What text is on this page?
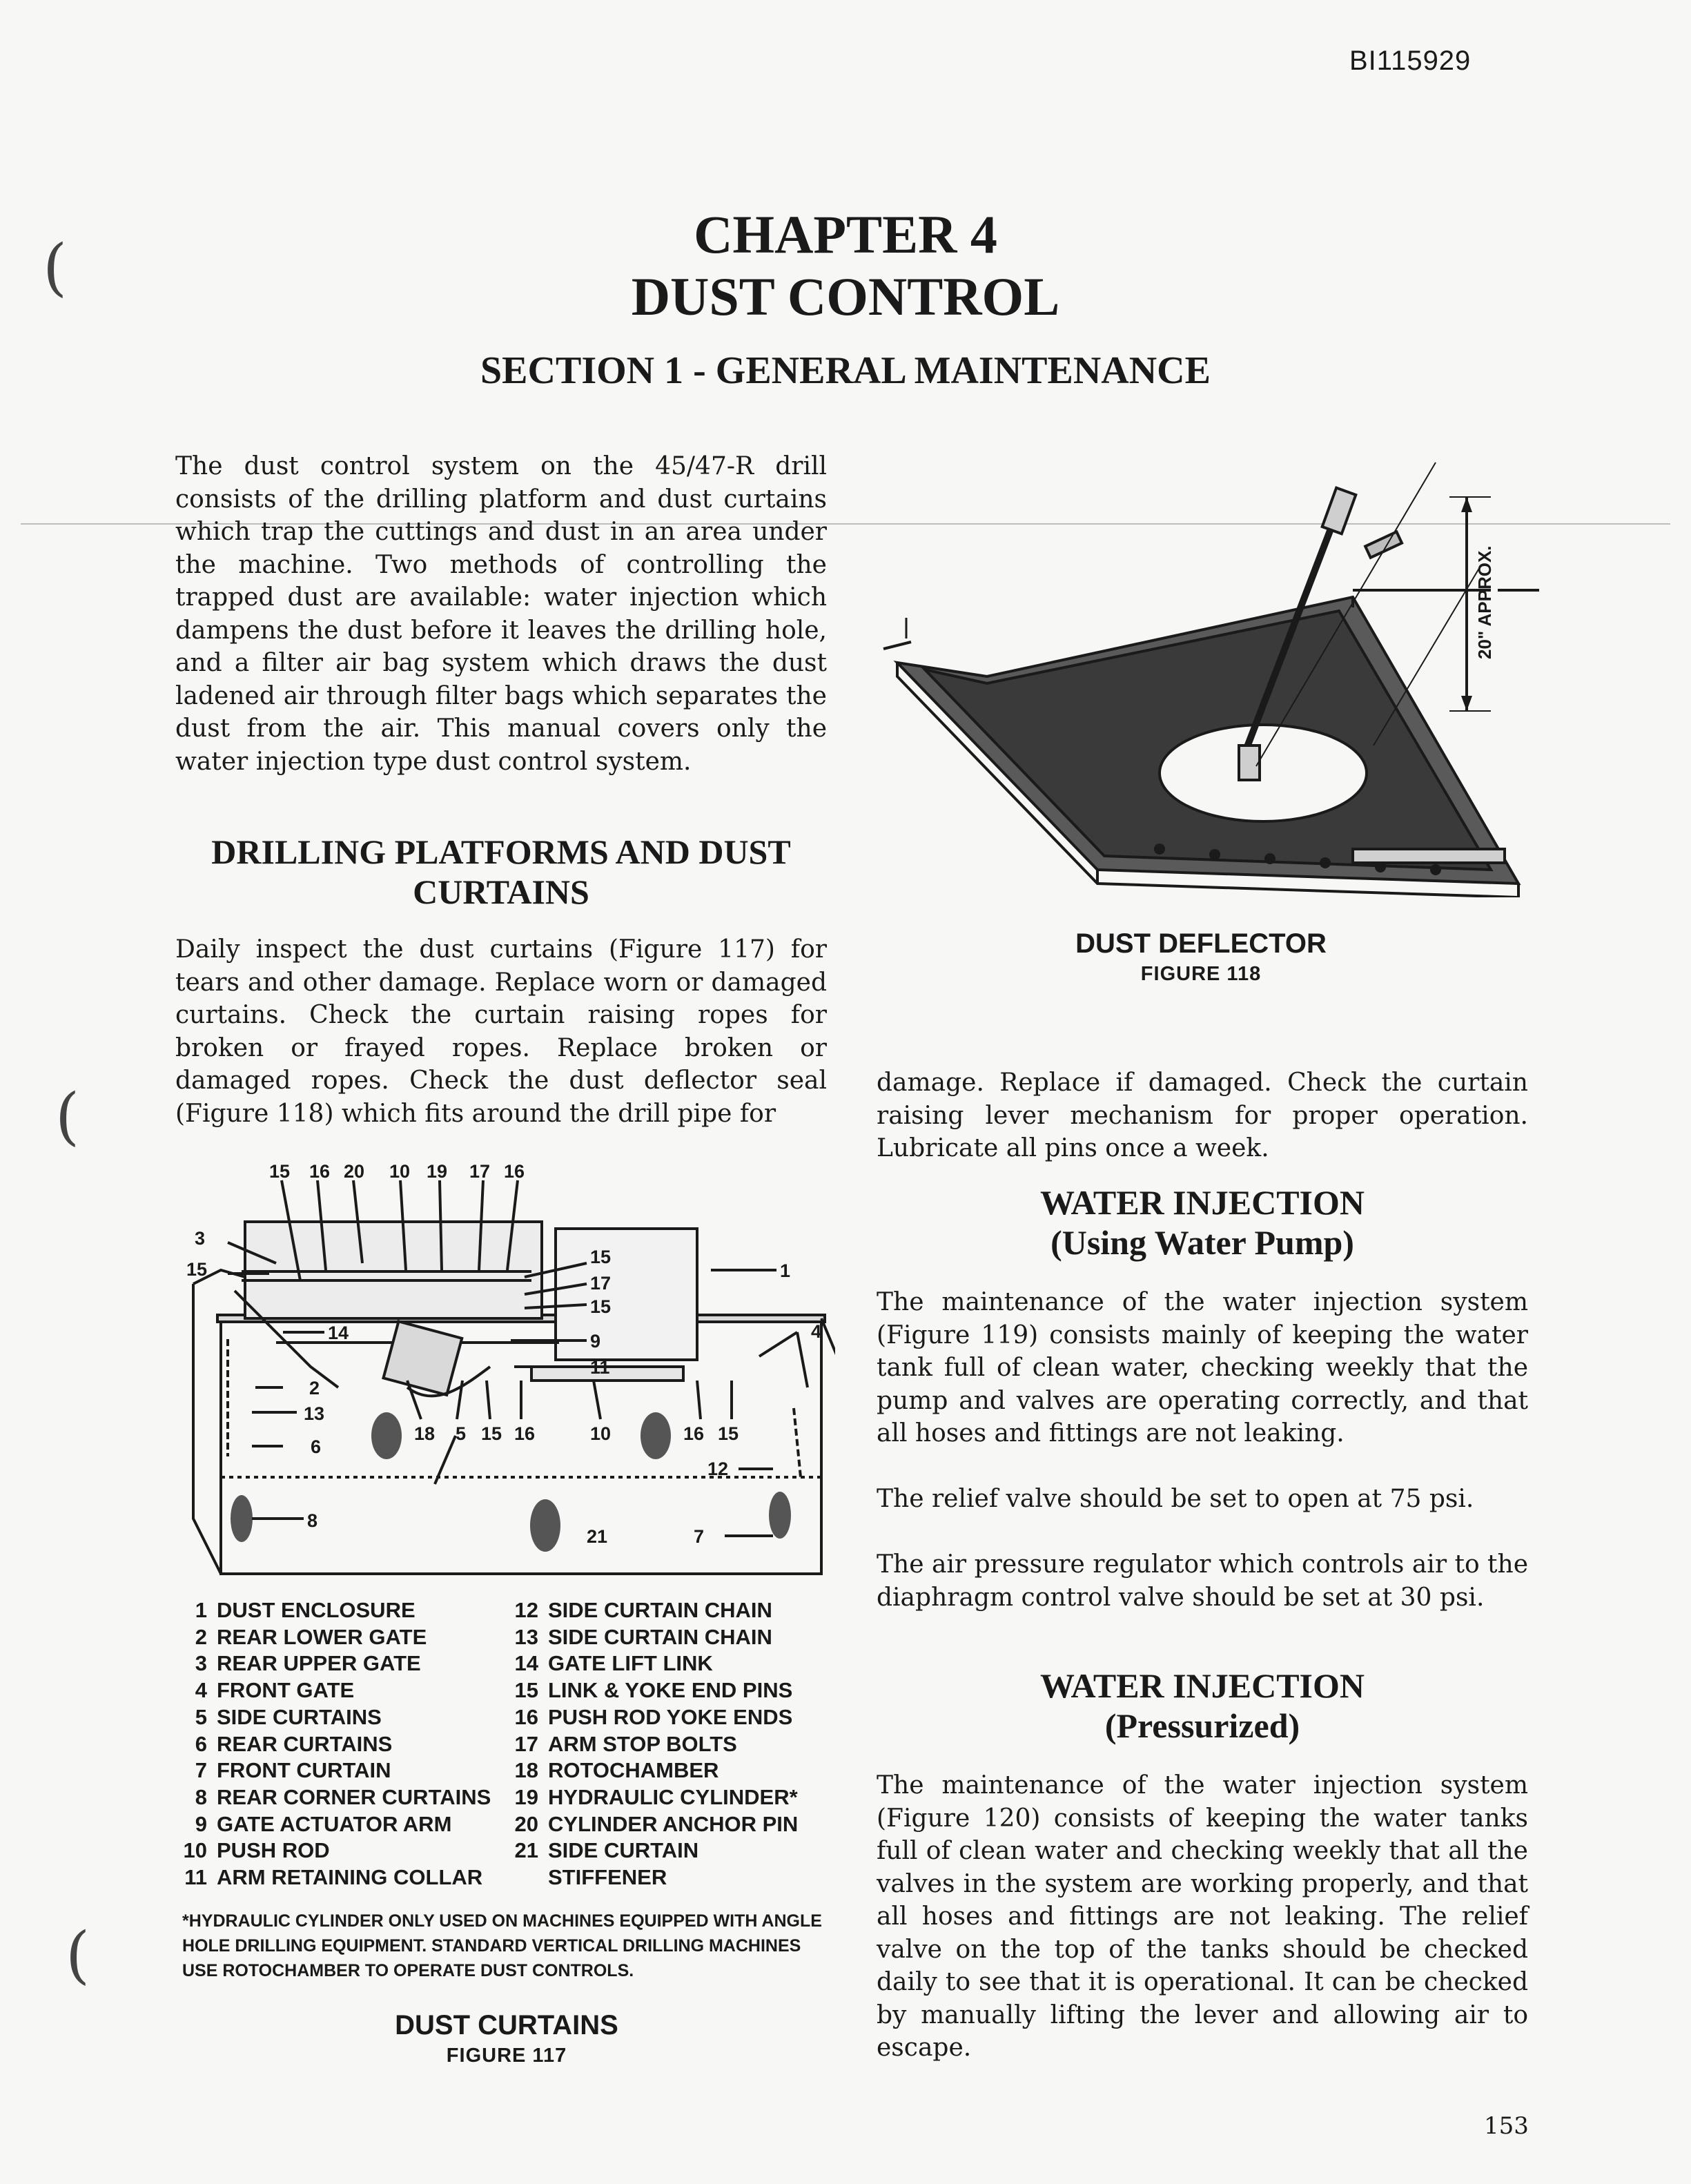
BI115929
CHAPTER 4
DUST CONTROL
SECTION 1 - GENERAL MAINTENANCE
(
(
(

The dust control system on the 45/47-R drill consists of the drilling platform and dust curtains which trap the cuttings and dust in an area under the machine. Two methods of controlling the trapped dust are available: water injection which dampens the dust before it leaves the drilling hole, and a filter air bag system which draws the dust ladened air through filter bags which separates the dust from the air. This manual covers only the water injection type dust control system.

DRILLING PLATFORMS AND DUST CURTAINS

Daily inspect the dust curtains (Figure 117) for tears and other damage. Replace worn or damaged curtains. Check the curtain raising ropes for broken or frayed ropes. Replace broken or damaged ropes. Check the dust deflector seal (Figure 118) which fits around the drill pipe for

15 16 20 10 19 17 16
3
15
14
2
13
6
8
15
17
15
9
11
1
4
18 5 15 16	10	16 15
12
21	7
1 DUST ENCLOSURE
2 REAR LOWER GATE
3 REAR UPPER GATE
4 FRONT GATE
5 SIDE CURTAINS
6 REAR CURTAINS
7 FRONT CURTAIN
8 REAR CORNER CURTAINS
9 GATE ACTUATOR ARM
10 PUSH ROD
11 ARM RETAINING COLLAR
12 SIDE CURTAIN CHAIN
13 SIDE CURTAIN CHAIN
14 GATE LIFT LINK
15 LINK & YOKE END PINS
16 PUSH ROD YOKE ENDS
17 ARM STOP BOLTS
18 ROTOCHAMBER
19 HYDRAULIC CYLINDER*
20 CYLINDER ANCHOR PIN
21 SIDE CURTAIN
STIFFENER
*HYDRAULIC CYLINDER ONLY USED ON MACHINES EQUIPPED WITH ANGLE HOLE DRILLING EQUIPMENT. STANDARD VERTICAL DRILLING MACHINES USE ROTOCHAMBER TO OPERATE DUST CONTROLS.
DUST CURTAINS
FIGURE 117
20" APPROX.
DUST DEFLECTOR
FIGURE 118

damage. Replace if damaged. Check the curtain raising lever mechanism for proper operation. Lubricate all pins once a week.

WATER INJECTION
(Using Water Pump)

The maintenance of the water injection system (Figure 119) consists mainly of keeping the water tank full of clean water, checking weekly that the pump and valves are operating correctly, and that all hoses and fittings are not leaking.

The relief valve should be set to open at 75 psi.

The air pressure regulator which controls air to the diaphragm control valve should be set at 30 psi.

WATER INJECTION
(Pressurized)

The maintenance of the water injection system (Figure 120) consists of keeping the water tanks full of clean water and checking weekly that all the valves in the system are working properly, and that all hoses and fittings are not leaking. The relief valve on the top of the tanks should be checked daily to see that it is operational. It can be checked by manually lifting the lever and allowing air to escape.

153
